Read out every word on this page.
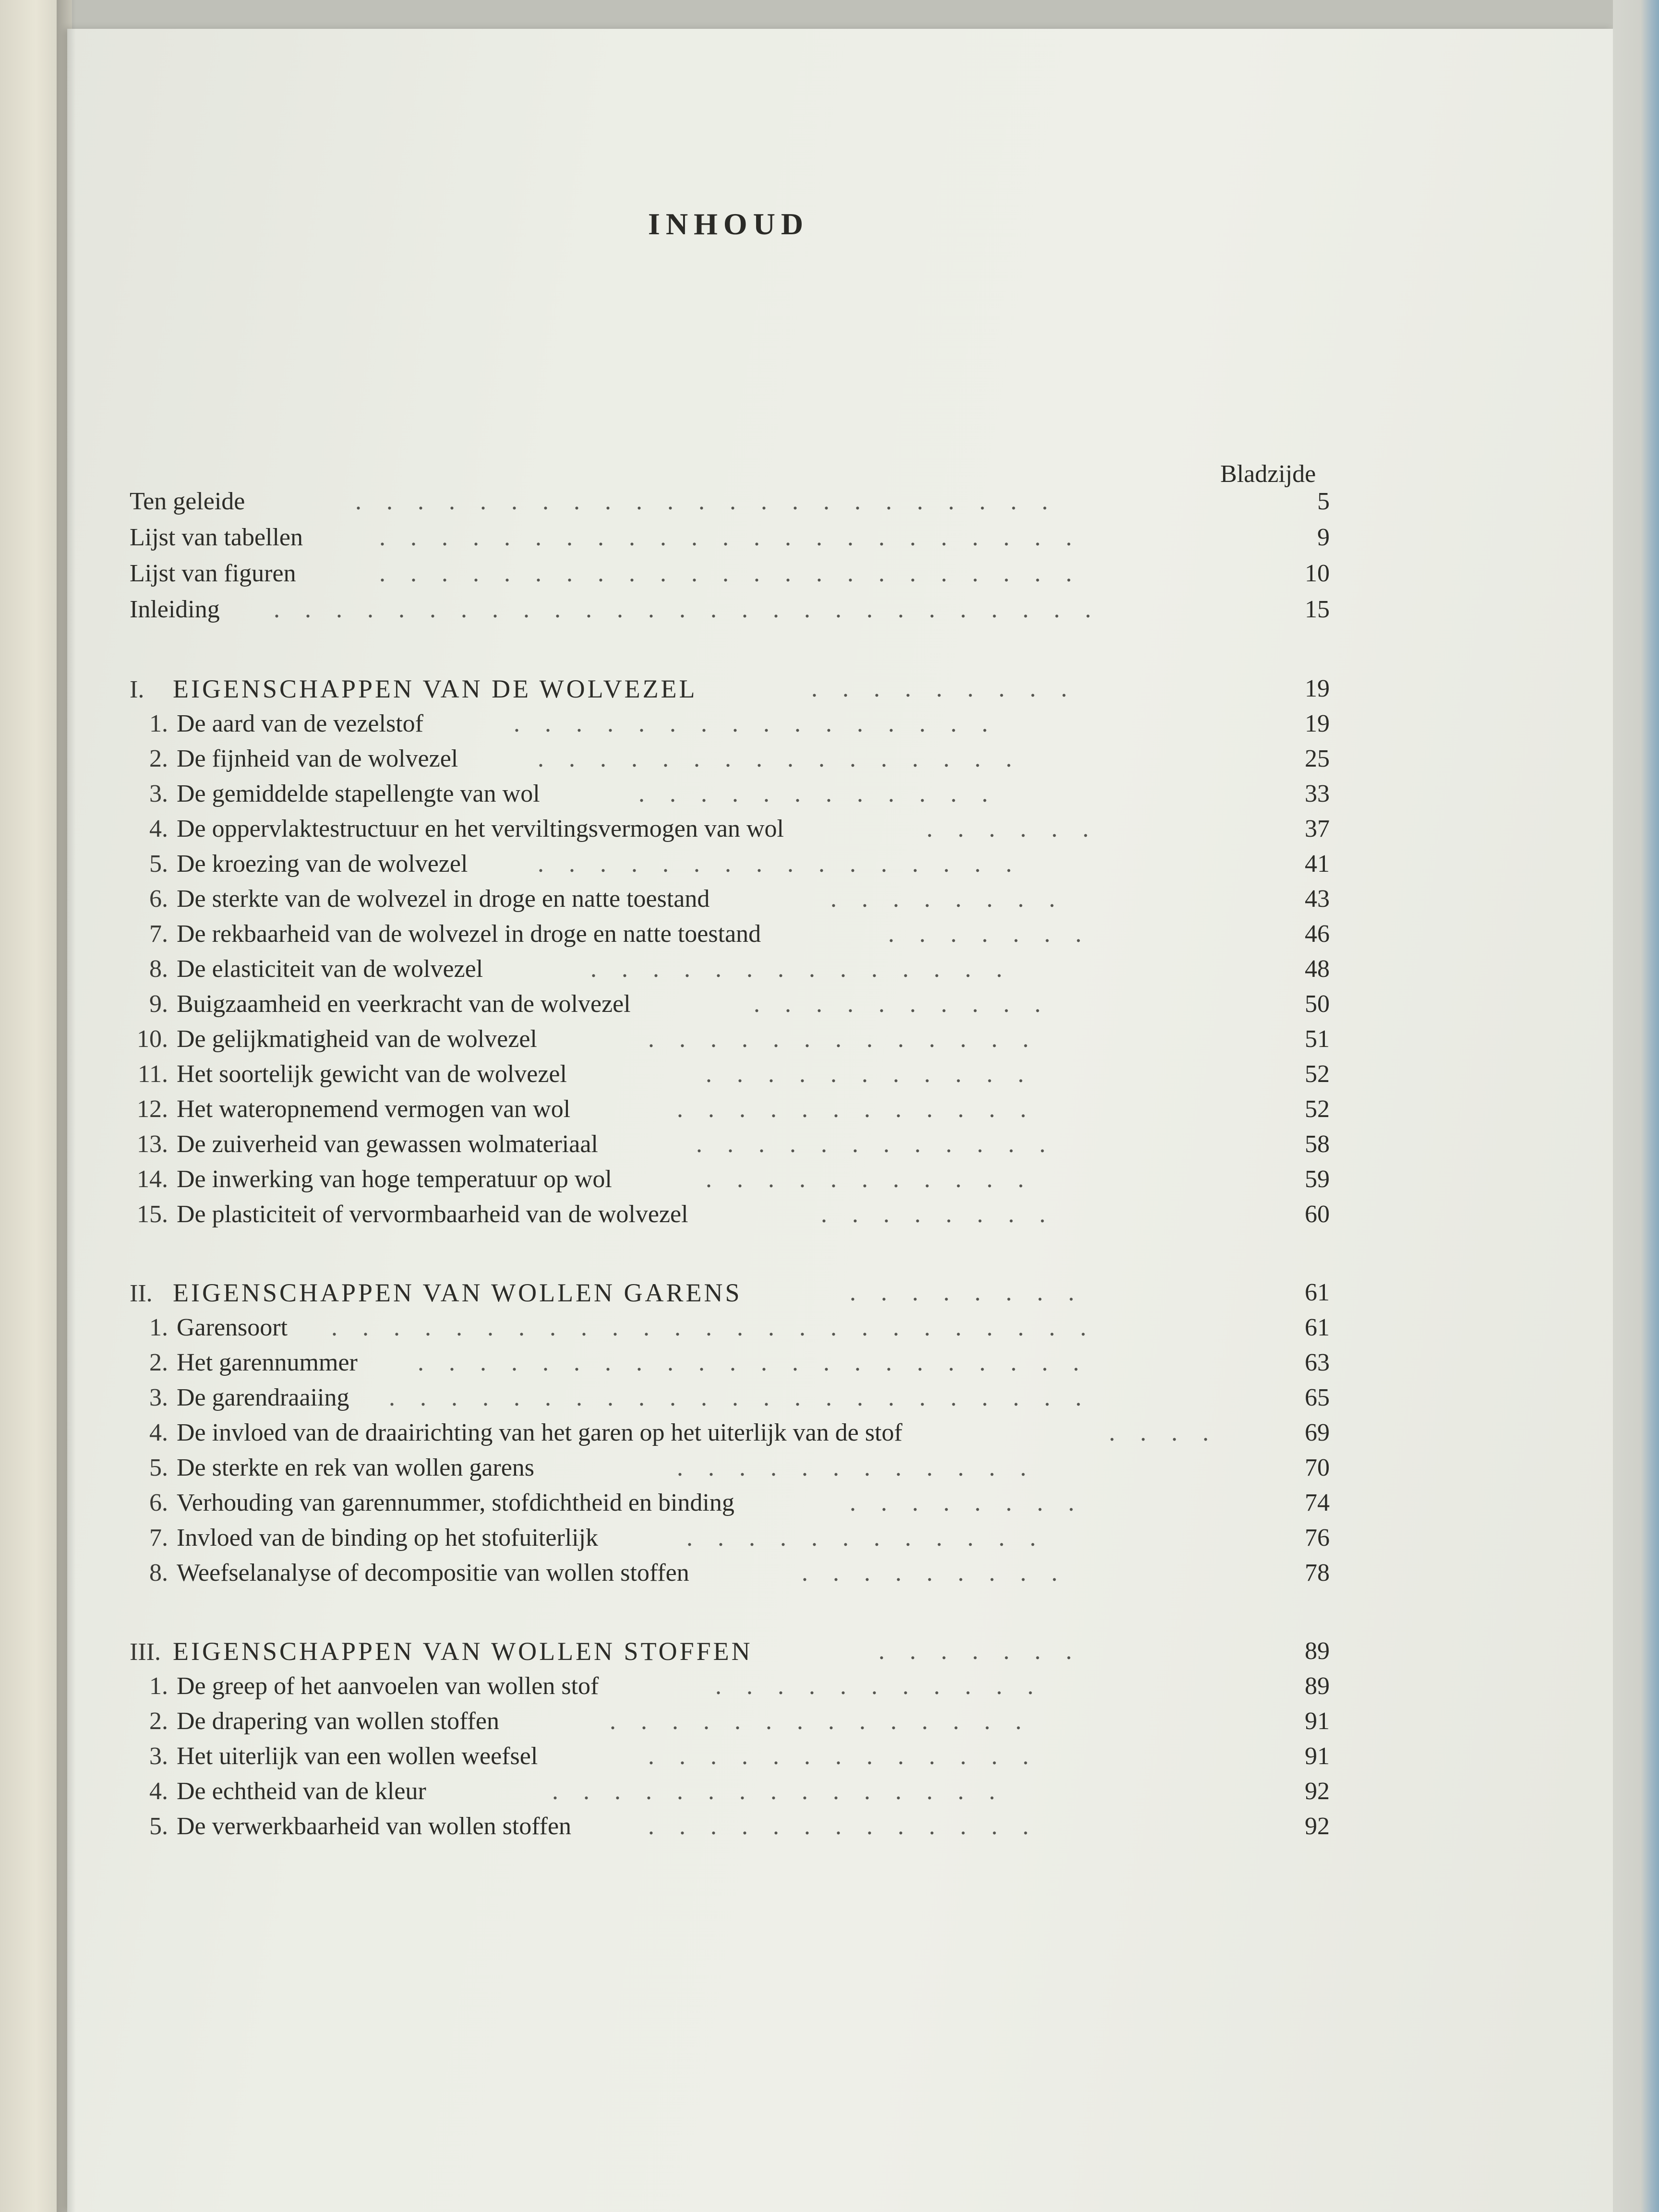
INHOUD
Bladzijde
Ten geleide	.......................	5
Lijst van tabellen	.......................	9
Lijst van figuren	.......................	10
Inleiding ...........................	15
I. EIGENSCHAPPEN VAN DE WOLVEZEL	.........	19
1. De aard van de vezelstof	................	19
2. De fijnheid van de wolvezel	................	25
3. De gemiddelde stapellengte van wol	............	33
4. De oppervlaktestructuur en het verviltingsvermogen van wol	......	37
5. De kroezing van de wolvezel	................	41
6. De sterkte van de wolvezel in droge en natte toestand	........	43
7. De rekbaarheid van de wolvezel in droge en natte toestand	.......	46
8. De elasticiteit van de wolvezel	..............	48
9. Buigzaamheid en veerkracht van de wolvezel	..........	50
10. De gelijkmatigheid van de wolvezel	.............	51
11. Het soortelijk gewicht van de wolvezel	...........	52
12. Het wateropnemend vermogen van wol	............	52
13. De zuiverheid van gewassen wolmateriaal	............	58
14. De inwerking van hoge temperatuur op wol	...........	59
15. De plasticiteit of vervormbaarheid van de wolvezel	........	60
II. EIGENSCHAPPEN VAN WOLLEN GARENS	........	61
1. Garensoort .........................	61
2. Het garennummer ......................	63
3. De garendraaiing .......................	65
4. De invloed van de draairichting van het garen op het uiterlijk van de stof	....	69
5. De sterkte en rek van wollen garens	............	70
6. Verhouding van garennummer, stofdichtheid en binding	........	74
7. Invloed van de binding op het stofuiterlijk	............	76
8. Weefselanalyse of decompositie van wollen stoffen	.........	78
III. EIGENSCHAPPEN VAN WOLLEN STOFFEN	.......	89
1. De greep of het aanvoelen van wollen stof	...........	89
2. De drapering van wollen stoffen	..............	91
3. Het uiterlijk van een wollen weefsel	.............	91
4. De echtheid van de kleur	...............	92
5. De verwerkbaarheid van wollen stoffen	.............	92
